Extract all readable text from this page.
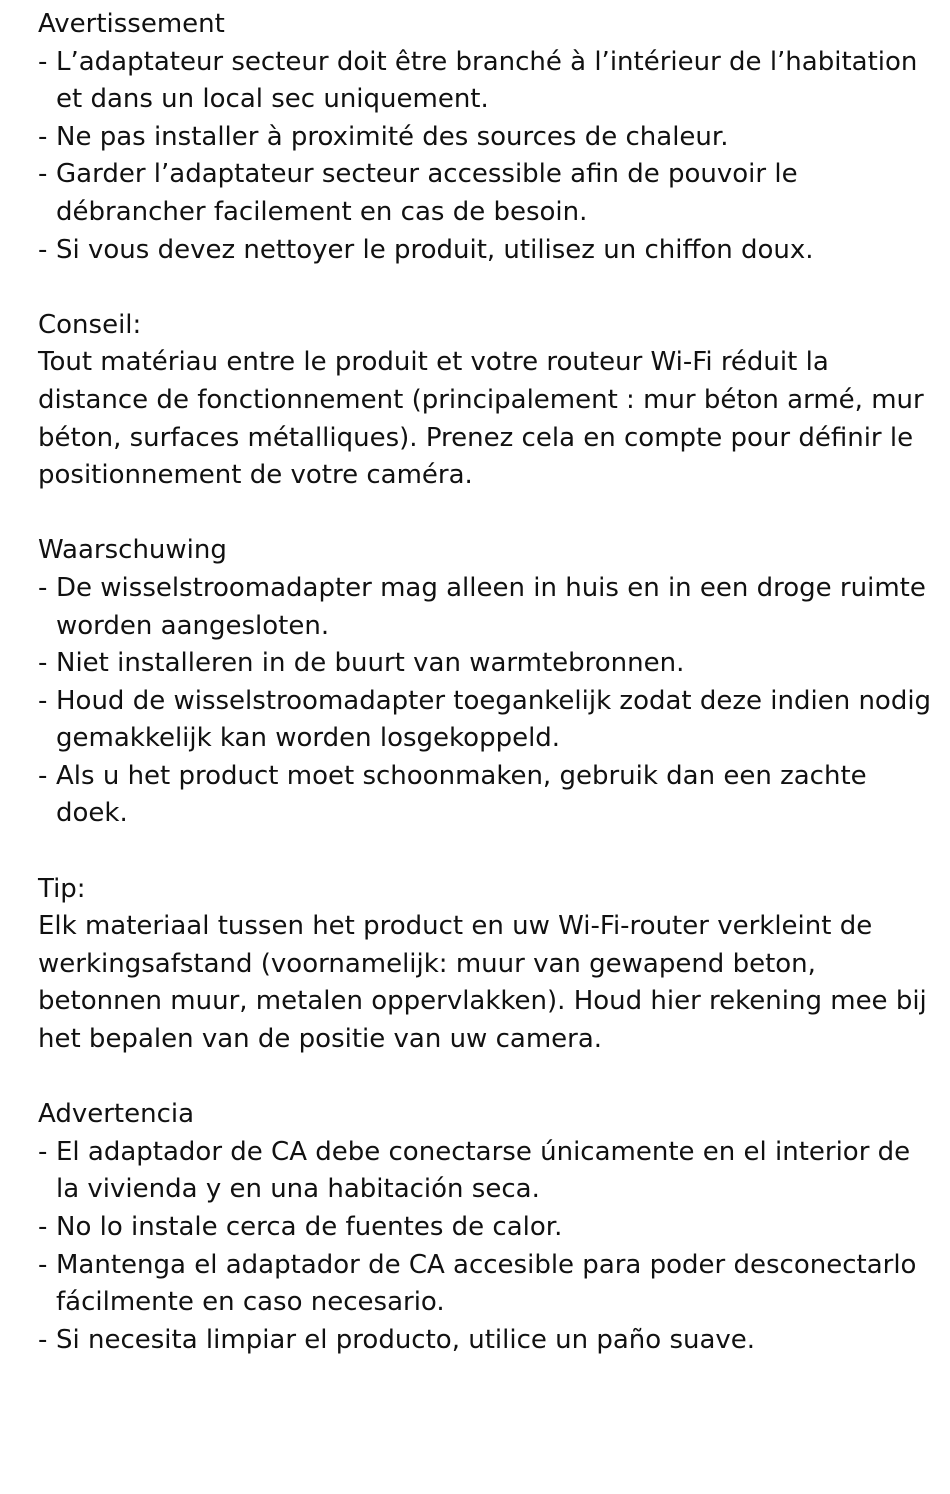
Avertissement
- L’adaptateur secteur doit être branché à l’intérieur de l’habitation et dans un local sec uniquement.
- Ne pas installer à proximité des sources de chaleur.
- Garder l’adaptateur secteur accessible afin de pouvoir le débrancher facilement en cas de besoin.
- Si vous devez nettoyer le produit, utilisez un chiffon doux.
Conseil:

Tout matériau entre le produit et votre routeur Wi-Fi réduit la distance de fonctionnement (principalement : mur béton armé, mur béton, surfaces métalliques). Prenez cela en compte pour définir le positionnement de votre caméra.

Waarschuwing
- De wisselstroomadapter mag alleen in huis en in een droge ruimte worden aangesloten.
- Niet installeren in de buurt van warmtebronnen.
- Houd de wisselstroomadapter toegankelijk zodat deze indien nodig gemakkelijk kan worden losgekoppeld.
- Als u het product moet schoonmaken, gebruik dan een zachte doek.
Tip:

Elk materiaal tussen het product en uw Wi-Fi-router verkleint de werkingsafstand (voornamelijk: muur van gewapend beton, betonnen muur, metalen oppervlakken). Houd hier rekening mee bij het bepalen van de positie van uw camera.

Advertencia
- El adaptador de CA debe conectarse únicamente en el interior de la vivienda y en una habitación seca.
- No lo instale cerca de fuentes de calor.
- Mantenga el adaptador de CA accesible para poder desconectarlo fácilmente en caso necesario.
- Si necesita limpiar el producto, utilice un paño suave.
